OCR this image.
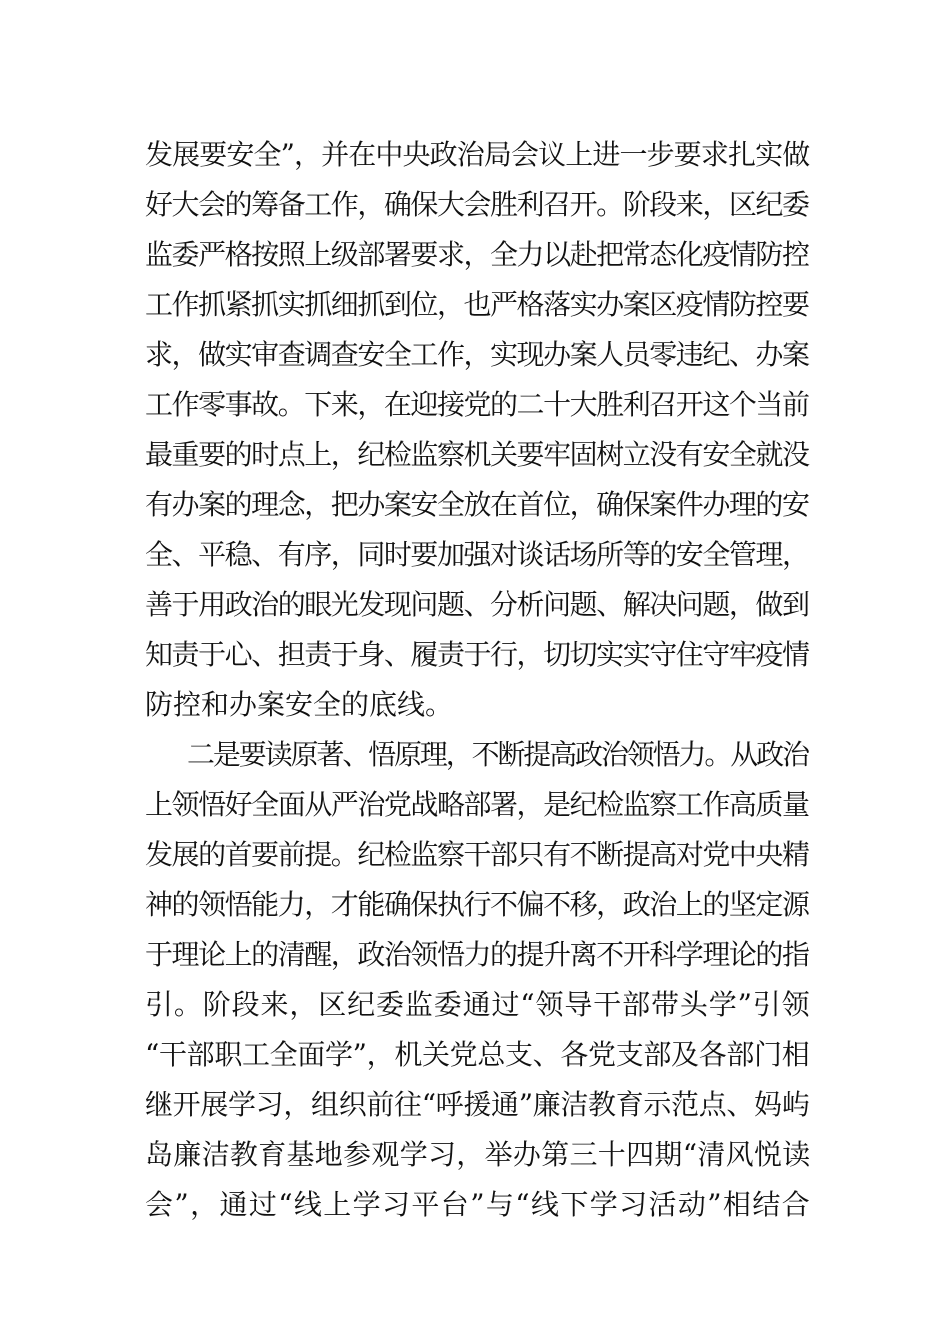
发展要安全”，并在中央政治局会议上进一步要求扎实做
好大会的筹备工作，确保大会胜利召开。阶段来，区纪委
监委严格按照上级部署要求，全力以赴把常态化疫情防控
工作抓紧抓实抓细抓到位，也严格落实办案区疫情防控要
求，做实审查调查安全工作，实现办案人员零违纪、办案
工作零事故。下来，在迎接党的二十大胜利召开这个当前
最重要的时点上，纪检监察机关要牢固树立没有安全就没
有办案的理念，把办案安全放在首位，确保案件办理的安
全、平稳、有序，同时要加强对谈话场所等的安全管理，
善于用政治的眼光发现问题、分析问题、解决问题，做到
知责于心、担责于身、履责于行，切切实实守住守牢疫情
防控和办案安全的底线。
二是要读原著、悟原理，不断提高政治领悟力。从政治
上领悟好全面从严治党战略部署，是纪检监察工作高质量
发展的首要前提。纪检监察干部只有不断提高对党中央精
神的领悟能力，才能确保执行不偏不移，政治上的坚定源
于理论上的清醒，政治领悟力的提升离不开科学理论的指
引。阶段来，区纪委监委通过“领导干部带头学”引领
“干部职工全面学”，机关党总支、各党支部及各部门相
继开展学习，组织前往“呼援通”廉洁教育示范点、妈屿
岛廉洁教育基地参观学习，举办第三十四期“清风悦读
会”，通过“线上学习平台”与“线下学习活动”相结合
